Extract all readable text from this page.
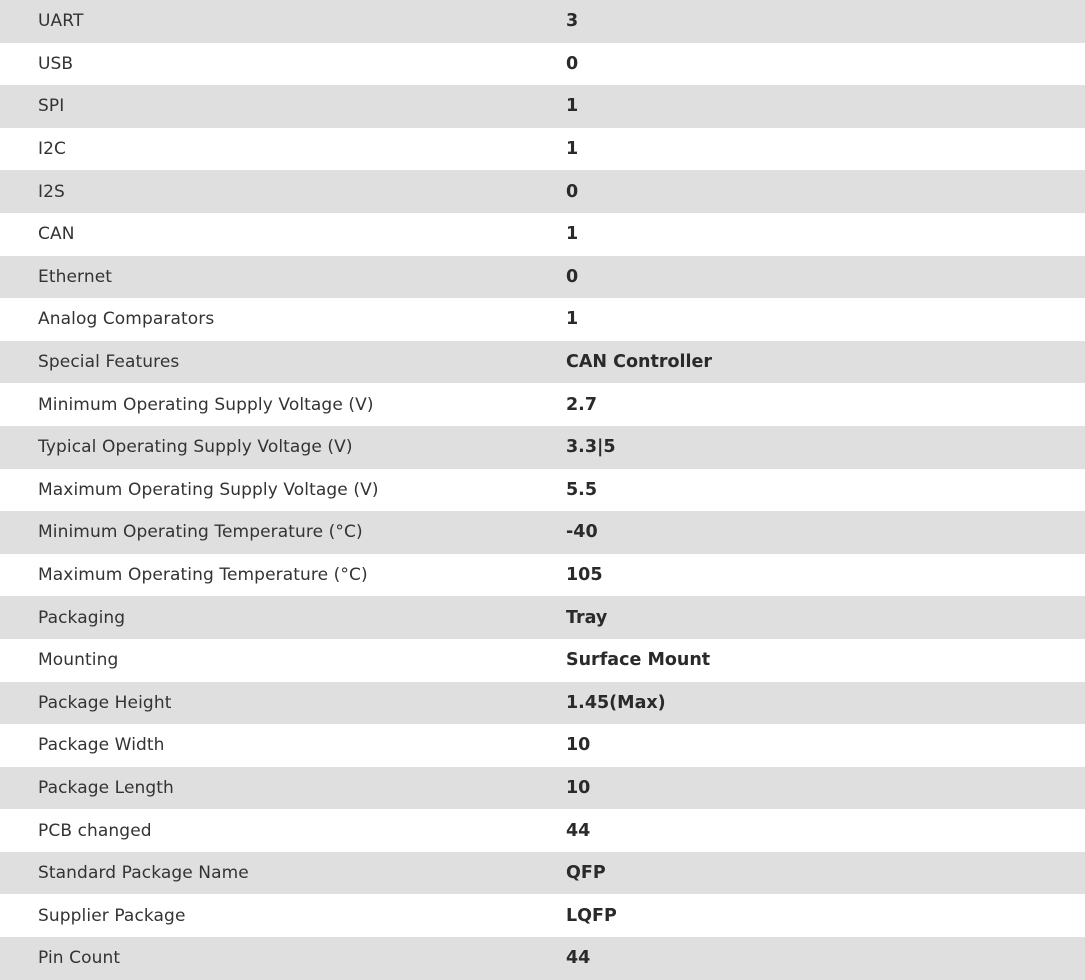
UART	3
USB	0
SPI	1
I2C	1
I2S	0
CAN	1
Ethernet	0
Analog Comparators	1
Special Features	CAN Controller
Minimum Operating Supply Voltage (V)	2.7
Typical Operating Supply Voltage (V)	3.3|5
Maximum Operating Supply Voltage (V)	5.5
Minimum Operating Temperature (°C)	-40
Maximum Operating Temperature (°C)	105
Packaging	Tray
Mounting	Surface Mount
Package Height	1.45(Max)
Package Width	10
Package Length	10
PCB changed	44
Standard Package Name	QFP
Supplier Package	LQFP
Pin Count	44
